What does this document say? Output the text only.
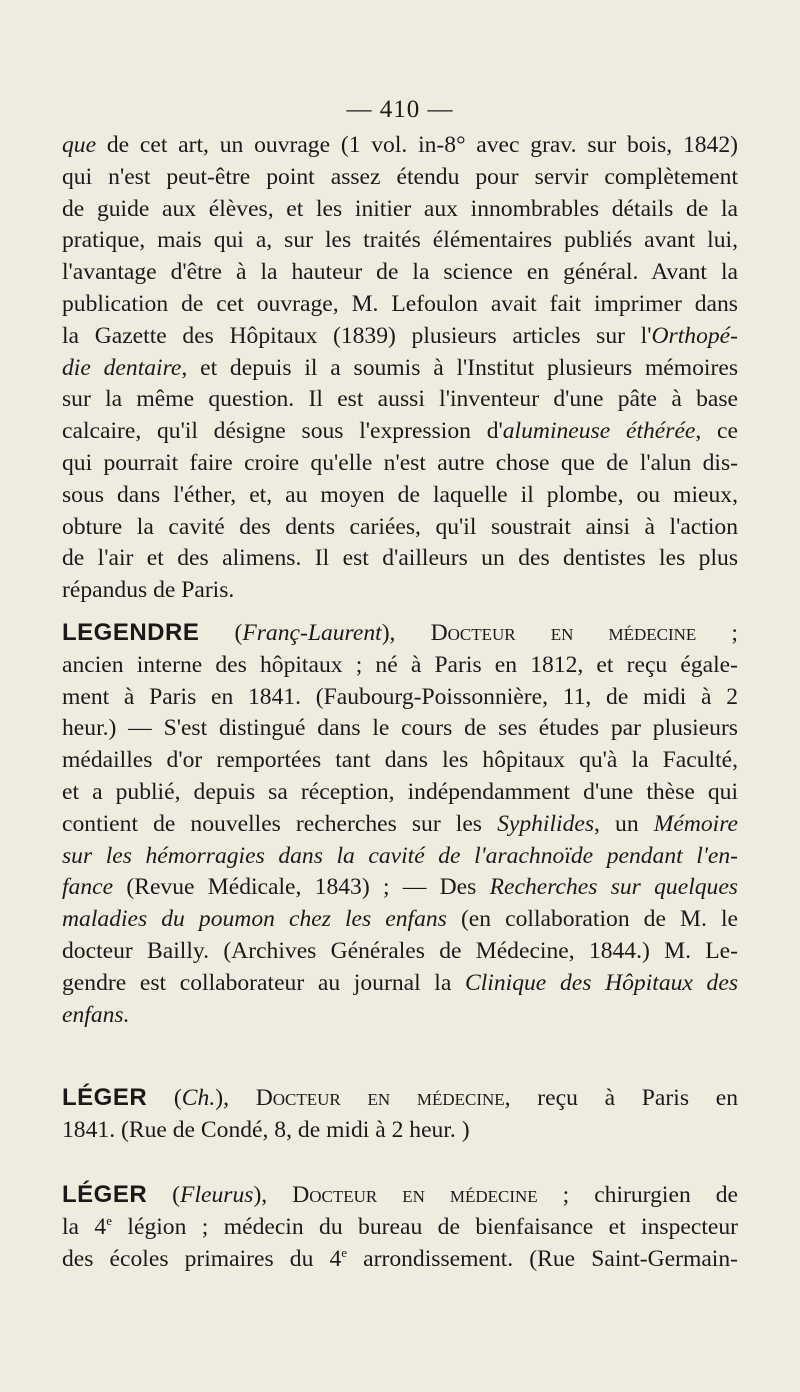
— 410 —
que de cet art, un ouvrage (1 vol. in-8° avec grav. sur bois, 1842)
qui n'est peut-être point assez étendu pour servir complètement
de guide aux élèves, et les initier aux innombrables détails de la
pratique, mais qui a, sur les traités élémentaires publiés avant lui,
l'avantage d'être à la hauteur de la science en général. Avant la
publication de cet ouvrage, M. Lefoulon avait fait imprimer dans
la Gazette des Hôpitaux (1839) plusieurs articles sur l'Orthopé-
die dentaire, et depuis il a soumis à l'Institut plusieurs mémoires
sur la même question. Il est aussi l'inventeur d'une pâte à base
calcaire, qu'il désigne sous l'expression d'alumineuse éthérée, ce
qui pourrait faire croire qu'elle n'est autre chose que de l'alun dis-
sous dans l'éther, et, au moyen de laquelle il plombe, ou mieux,
obture la cavité des dents cariées, qu'il soustrait ainsi à l'action
de l'air et des alimens. Il est d'ailleurs un des dentistes les plus
répandus de Paris.
LEGENDRE (Franç-Laurent), Docteur en médecine ;
ancien interne des hôpitaux ; né à Paris en 1812, et reçu égale-
ment à Paris en 1841. (Faubourg-Poissonnière, 11, de midi à 2
heur.) — S'est distingué dans le cours de ses études par plusieurs
médailles d'or remportées tant dans les hôpitaux qu'à la Faculté,
et a publié, depuis sa réception, indépendamment d'une thèse qui
contient de nouvelles recherches sur les Syphilides, un Mémoire
sur les hémorragies dans la cavité de l'arachnoïde pendant l'en-
fance (Revue Médicale, 1843) ; — Des Recherches sur quelques
maladies du poumon chez les enfans (en collaboration de M. le
docteur Bailly. (Archives Générales de Médecine, 1844.) M. Le-
gendre est collaborateur au journal la Clinique des Hôpitaux des
enfans.
LÉGER (Ch.), Docteur en médecine, reçu à Paris en
1841. (Rue de Condé, 8, de midi à 2 heur. )
LÉGER (Fleurus), Docteur en médecine ; chirurgien de
la 4e légion ; médecin du bureau de bienfaisance et inspecteur
des écoles primaires du 4e arrondissement. (Rue Saint-Germain-
